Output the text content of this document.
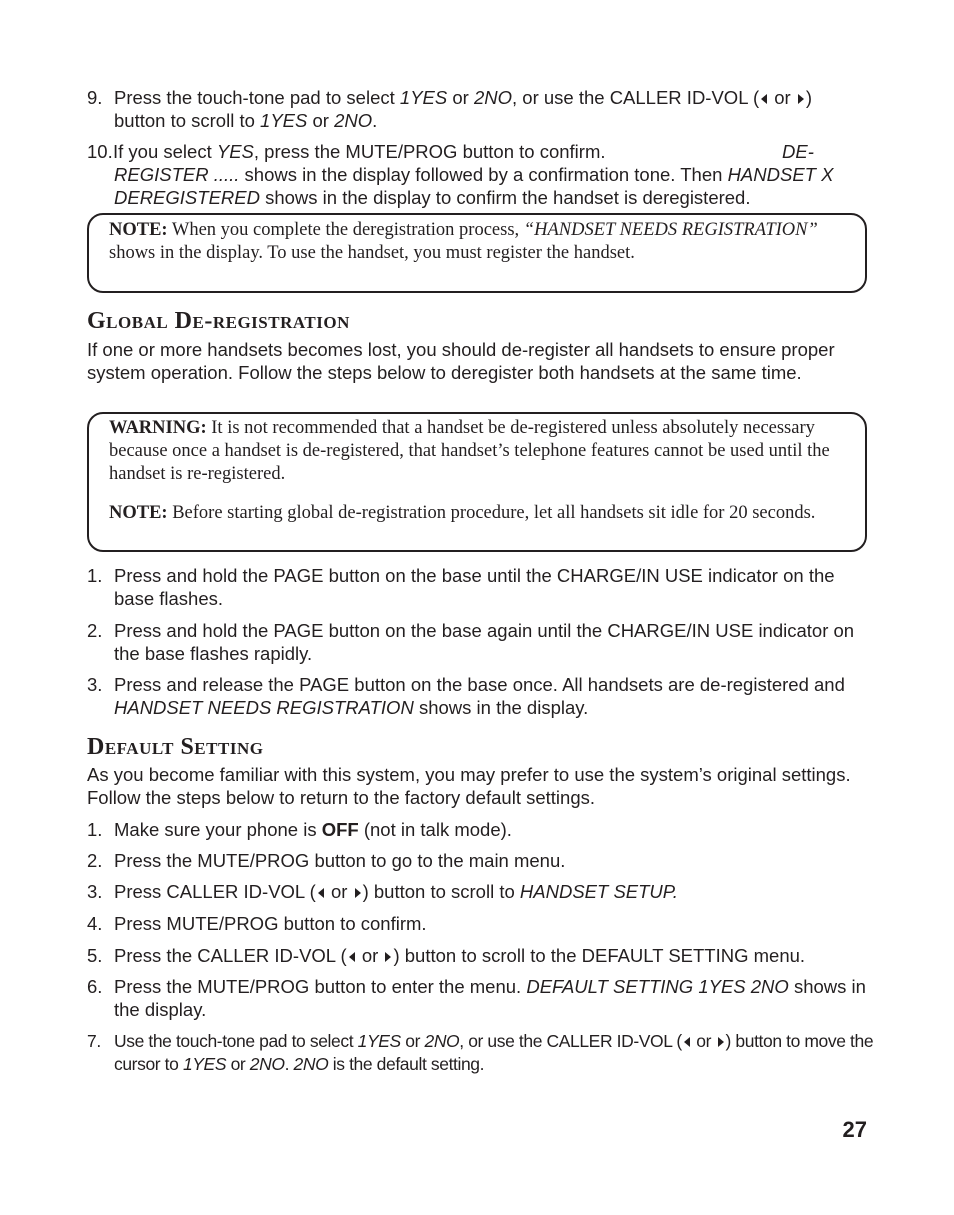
9. Press the touch-tone pad to select 1YES or 2NO, or use the CALLER ID-VOL ( or )
button to scroll to 1YES or 2NO.
10. If you select YES, press the MUTE/PROG button to confirm.	DE-
REGISTER ..... shows in the display followed by a confirmation tone. Then HANDSET X
DEREGISTERED shows in the display to confirm the handset is deregistered.

NOTE: When you complete the deregistration process, “HANDSET NEEDS REGISTRATION” shows in the display. To use the handset, you must register the handset.

Global De-registration
If one or more handsets becomes lost, you should de-register all handsets to ensure proper system operation. Follow the steps below to deregister both handsets at the same time.

WARNING: It is not recommended that a handset be de-registered unless absolutely necessary because once a handset is de-registered, that handset’s telephone features cannot be used until the handset is re-registered.

NOTE: Before starting global de-registration procedure, let all handsets sit idle for 20 seconds.

1. Press and hold the PAGE button on the base until the CHARGE/IN USE indicator on the base flashes.
2. Press and hold the PAGE button on the base again until the CHARGE/IN USE indicator on the base flashes rapidly.
3. Press and release the PAGE button on the base once. All handsets are de-registered and HANDSET NEEDS REGISTRATION shows in the display.
Default Setting
As you become familiar with this system, you may prefer to use the system’s original settings. Follow the steps below to return to the factory default settings.
1. Make sure your phone is OFF (not in talk mode).
2. Press the MUTE/PROG button to go to the main menu.
3. Press CALLER ID-VOL ( or ) button to scroll to HANDSET SETUP.
4. Press MUTE/PROG button to confirm.
5. Press the CALLER ID-VOL ( or ) button to scroll to the DEFAULT SETTING menu.
6. Press the MUTE/PROG button to enter the menu. DEFAULT SETTING 1YES 2NO shows in the display.
7. Use the touch-tone pad to select 1YES or 2NO, or use the CALLER ID-VOL ( or ) button to move the cursor to 1YES or 2NO. 2NO is the default setting.
27
